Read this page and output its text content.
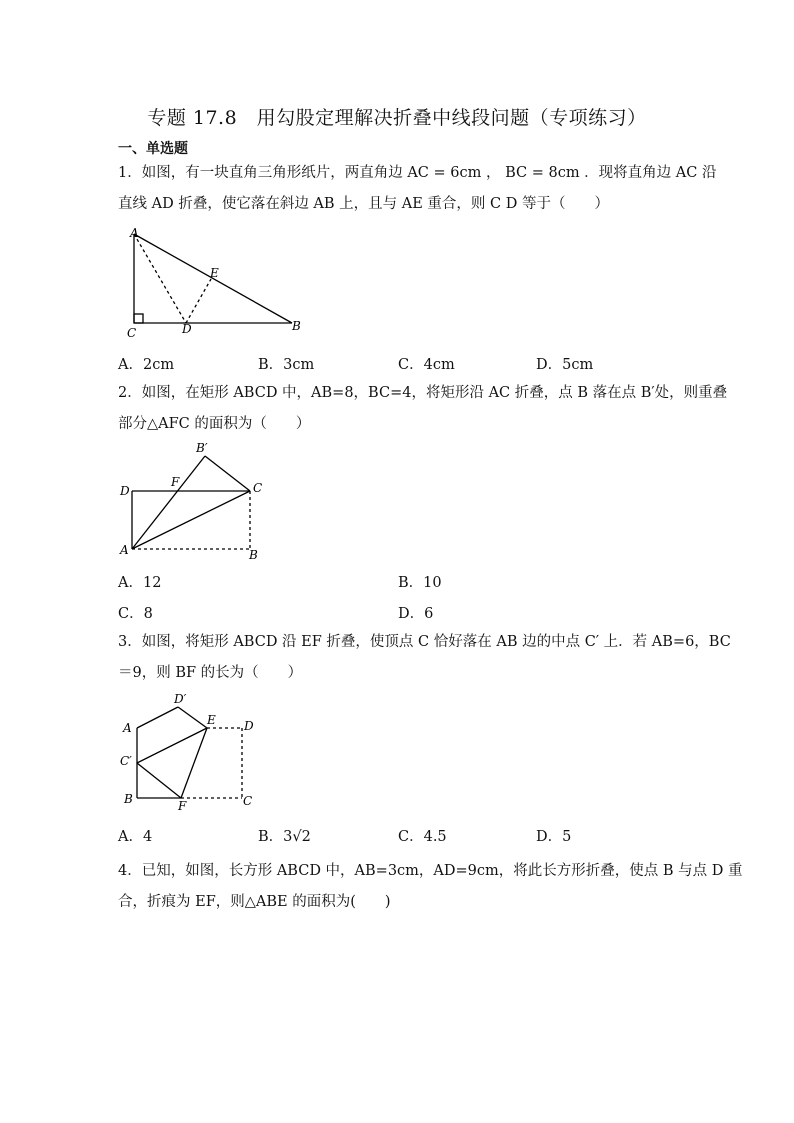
专题 17.8　用勾股定理解决折叠中线段问题（专项练习）
一、单选题
1．如图，有一块直角三角形纸片，两直角边 AC = 6cm ， BC = 8cm ．现将直角边 AC 沿
直线 AD 折叠，使它落在斜边 AB 上，且与 AE 重合，则 C D 等于（　　）
A
C	D
E
B
A．2cm	B．3cm	C．4cm	D．5cm
2．如图，在矩形 ABCD 中，AB=8，BC=4，将矩形沿 AC 折叠，点 B 落在点 B′处，则重叠
部分△AFC 的面积为（　　）
B′
D
F	C
A	B
A．12	B．10
C．8	D．6
3．如图，将矩形 ABCD 沿 EF 折叠，使顶点 C 恰好落在 AB 边的中点 C′ 上．若 AB=6，BC
＝9，则 BF 的长为（　　）
D′
A
E D
C′
B	F	C
A．4	B．3√2	C．4.5	D．5
4．已知，如图，长方形 ABCD 中，AB=3cm，AD=9cm，将此长方形折叠，使点 B 与点 D 重
合，折痕为 EF，则△ABE 的面积为(　　)
